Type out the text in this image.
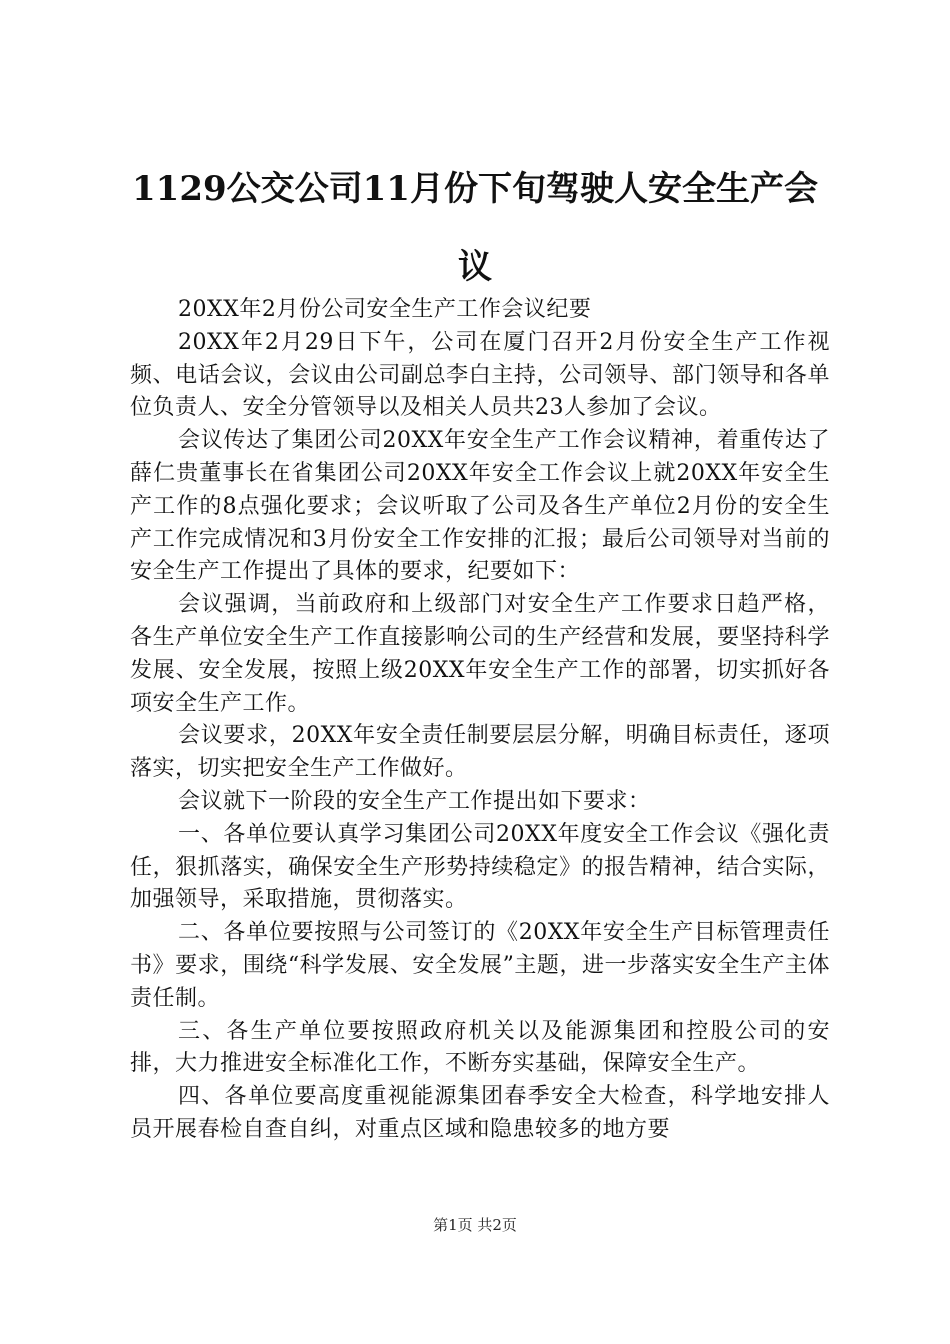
1129公交公司11月份下旬驾驶人安全生产会议

20XX年2月份公司安全生产工作会议纪要

20XX年2月29日下午，公司在厦门召开2月份安全生产工作视频、电话会议，会议由公司副总李白主持，公司领导、部门领导和各单位负责人、安全分管领导以及相关人员共23人参加了会议。

会议传达了集团公司20XX年安全生产工作会议精神，着重传达了薛仁贵董事长在省集团公司20XX年安全工作会议上就20XX年安全生产工作的8点强化要求；会议听取了公司及各生产单位2月份的安全生产工作完成情况和3月份安全工作安排的汇报；最后公司领导对当前的安全生产工作提出了具体的要求，纪要如下：

会议强调，当前政府和上级部门对安全生产工作要求日趋严格，各生产单位安全生产工作直接影响公司的生产经营和发展，要坚持科学发展、安全发展，按照上级20XX年安全生产工作的部署，切实抓好各项安全生产工作。

会议要求，20XX年安全责任制要层层分解，明确目标责任，逐项落实，切实把安全生产工作做好。

会议就下一阶段的安全生产工作提出如下要求：

一、各单位要认真学习集团公司20XX年度安全工作会议《强化责任，狠抓落实，确保安全生产形势持续稳定》的报告精神，结合实际，加强领导，采取措施，贯彻落实。

二、各单位要按照与公司签订的《20XX年安全生产目标管理责任书》要求，围绕“科学发展、安全发展”主题，进一步落实安全生产主体责任制。

三、各生产单位要按照政府机关以及能源集团和控股公司的安排，大力推进安全标准化工作，不断夯实基础，保障安全生产。

四、各单位要高度重视能源集团春季安全大检查，科学地安排人员开展春检自查自纠，对重点区域和隐患较多的地方要

第1页 共2页
